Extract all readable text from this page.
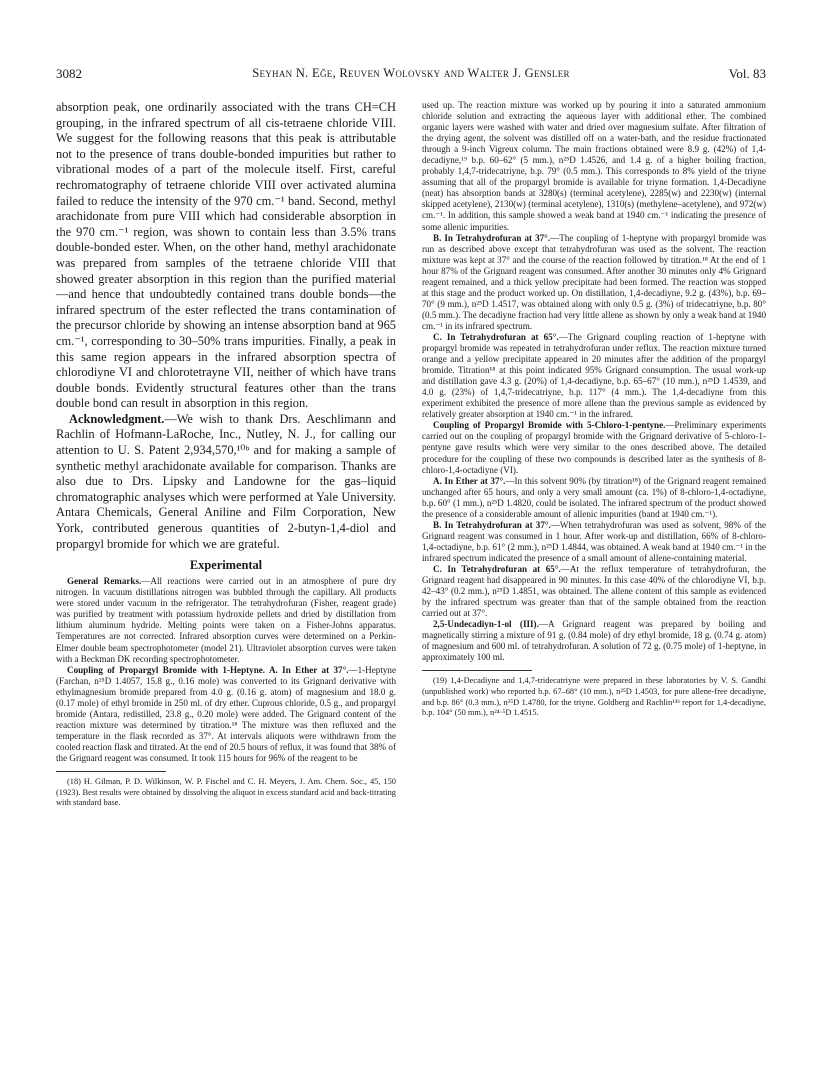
3082	Seyhan N. Eğe, Reuven Wolovsky and Walter J. Gensler	Vol. 83

absorption peak, one ordinarily associated with the trans CH=CH grouping, in the infrared spectrum of all cis-tetraene chloride VIII. We suggest for the following reasons that this peak is attributable not to the presence of trans double-bonded impurities but rather to vibrational modes of a part of the molecule itself. First, careful rechromatography of tetraene chloride VIII over activated alumina failed to reduce the intensity of the 970 cm.⁻¹ band. Second, methyl arachidonate from pure VIII which had considerable absorption in the 970 cm.⁻¹ region, was shown to contain less than 3.5% trans double-bonded ester. When, on the other hand, methyl arachidonate was prepared from samples of the tetraene chloride VIII that showed greater absorption in this region than the purified material—and hence that undoubtedly contained trans double bonds—the infrared spectrum of the ester reflected the trans contamination of the precursor chloride by showing an intense absorption band at 965 cm.⁻¹, corresponding to 30–50% trans impurities. Finally, a peak in this same region appears in the infrared absorption spectra of chlorodiyne VI and chlorotetrayne VII, neither of which have trans double bonds. Evidently structural features other than the trans double bond can result in absorption in this region.

Acknowledgment.—We wish to thank Drs. Aeschlimann and Rachlin of Hofmann-LaRoche, Inc., Nutley, N. J., for calling our attention to U. S. Patent 2,934,570,¹⁰ᵇ and for making a sample of synthetic methyl arachidonate available for comparison. Thanks are also due to Drs. Lipsky and Landowne for the gas–liquid chromatographic analyses which were performed at Yale University. Antara Chemicals, General Aniline and Film Corporation, New York, contributed generous quantities of 2-butyn-1,4-diol and propargyl bromide for which we are grateful.

Experimental

General Remarks.—All reactions were carried out in an atmosphere of pure dry nitrogen. In vacuum distillations nitrogen was bubbled through the capillary. All products were stored under vacuum in the refrigerator. The tetrahydrofuran (Fisher, reagent grade) was purified by treatment with potassium hydroxide pellets and dried by distillation from lithium aluminum hydride. Melting points were taken on a Fisher-Johns apparatus. Temperatures are not corrected. Infrared absorption curves were determined on a Perkin-Elmer double beam spectrophotometer (model 21). Ultraviolet absorption curves were taken with a Beckman DK recording spectrophotometer.

Coupling of Propargyl Bromide with 1-Heptyne. A. In Ether at 37°.—1-Heptyne (Farchan, n²⁵D 1.4057, 15.8 g., 0.16 mole) was converted to its Grignard derivative with ethylmagnesium bromide prepared from 4.0 g. (0.16 g. atom) of magnesium and 18.0 g. (0.17 mole) of ethyl bromide in 250 ml. of dry ether. Cuprous chloride, 0.5 g., and propargyl bromide (Antara, redistilled, 23.8 g., 0.20 mole) were added. The Grignard content of the reaction mixture was determined by titration.¹⁸ The mixture was then refluxed and the temperature in the flask recorded as 37°. At intervals aliquots were withdrawn from the cooled reaction flask and titrated. At the end of 20.5 hours of reflux, it was found that 38% of the Grignard reagent was consumed. It took 115 hours for 96% of the reagent to be

(18) H. Gilman, P. D. Wilkinson, W. P. Fischel and C. H. Meyers, J. Am. Chem. Soc., 45, 150 (1923). Best results were obtained by dissolving the aliquot in excess standard acid and back-titrating with standard base.

used up. The reaction mixture was worked up by pouring it into a saturated ammonium chloride solution and extracting the aqueous layer with additional ether. The combined organic layers were washed with water and dried over magnesium sulfate. After filtration of the drying agent, the solvent was distilled off on a water-bath, and the residue fractionated through a 9-inch Vigreux column. The main fractions obtained were 8.9 g. (42%) of 1,4-decadiyne,¹⁹ b.p. 60–62° (5 mm.), n²⁵D 1.4526, and 1.4 g. of a higher boiling fraction, probably 1,4,7-tridecatriyne, b.p. 79° (0.5 mm.). This corresponds to 8% yield of the triyne assuming that all of the propargyl bromide is available for triyne formation. 1,4-Decadiyne (neat) has absorption bands at 3280(s) (terminal acetylene), 2285(w) and 2230(w) (internal skipped acetylene), 2130(w) (terminal acetylene), 1310(s) (methylene–acetylene), and 972(w) cm.⁻¹. In addition, this sample showed a weak band at 1940 cm.⁻¹ indicating the presence of some allenic impurities.

B. In Tetrahydrofuran at 37°.—The coupling of 1-heptyne with propargyl bromide was run as described above except that tetrahydrofuran was used as the solvent. The reaction mixture was kept at 37° and the course of the reaction followed by titration.¹⁸ At the end of 1 hour 87% of the Grignard reagent was consumed. After another 30 minutes only 4% Grignard reagent remained, and a thick yellow precipitate had been formed. The reaction was stopped at this stage and the product worked up. On distillation, 1,4-decadiyne, 9.2 g. (43%), b.p. 69–70° (9 mm.), n²⁵D 1.4517, was obtained along with only 0.5 g. (3%) of tridecatriyne, b.p. 80° (0.5 mm.). The decadiyne fraction had very little allene as shown by only a weak band at 1940 cm.⁻¹ in its infrared spectrum.

C. In Tetrahydrofuran at 65°.—The Grignard coupling reaction of 1-heptyne with propargyl bromide was repeated in tetrahydrofuran under reflux. The reaction mixture turned orange and a yellow precipitate appeared in 20 minutes after the addition of the propargyl bromide. Titration¹⁸ at this point indicated 95% Grignard consumption. The usual work-up and distillation gave 4.3 g. (20%) of 1,4-decadiyne, b.p. 65–67° (10 mm.), n²⁵D 1.4539, and 4.0 g. (23%) of 1,4,7-tridecatriyne, b.p. 117° (4 mm.). The 1,4-decadiyne from this experiment exhibited the presence of more allene than the previous sample as evidenced by relatively greater absorption at 1940 cm.⁻¹ in the infrared.

Coupling of Propargyl Bromide with 5-Chloro-1-pentyne.—Preliminary experiments carried out on the coupling of propargyl bromide with the Grignard derivative of 5-chloro-1-pentyne gave results which were very similar to the ones described above. The detailed procedure for the coupling of these two compounds is described later as the synthesis of 8-chloro-1,4-octadiyne (VI).

A. In Ether at 37°.—In this solvent 90% (by titration¹⁸) of the Grignard reagent remained unchanged after 65 hours, and only a very small amount (ca. 1%) of 8-chloro-1,4-octadiyne, b.p. 60° (1 mm.), n²⁵D 1.4820, could be isolated. The infrared spectrum of the product showed the presence of a considerable amount of allenic impurities (band at 1940 cm.⁻¹).

B. In Tetrahydrofuran at 37°.—When tetrahydrofuran was used as solvent, 98% of the Grignard reagent was consumed in 1 hour. After work-up and distillation, 66% of 8-chloro-1,4-octadiyne, b.p. 61° (2 mm.), n²⁵D 1.4844, was obtained. A weak band at 1940 cm.⁻¹ in the infrared spectrum indicated the presence of a small amount of allene-containing material.

C. In Tetrahydrofuran at 65°.—At the reflux temperature of tetrahydrofuran, the Grignard reagent had disappeared in 90 minutes. In this case 40% of the chlorodiyne VI, b.p. 42–43° (0.2 mm.), n²⁵D 1.4851, was obtained. The allene content of this sample as evidenced by the infrared spectrum was greater than that of the sample obtained from the reaction carried out at 37°.

2,5-Undecadiyn-1-ol (III).—A Grignard reagent was prepared by boiling and magnetically stirring a mixture of 91 g. (0.84 mole) of dry ethyl bromide, 18 g. (0.74 g. atom) of magnesium and 600 ml. of tetrahydrofuran. A solution of 72 g. (0.75 mole) of 1-heptyne, in approximately 100 ml.

(19) 1,4-Decadiyne and 1,4,7-tridecatriyne were prepared in these laboratories by V. S. Gandhi (unpublished work) who reported b.p. 67–68° (10 mm.), n²⁵D 1.4503, for pure allene-free decadiyne, and b.p. 86° (0.3 mm.), n²⁵D 1.4780, for the triyne. Goldberg and Rachlin¹³ᵇ report for 1,4-decadiyne, b.p. 104° (50 mm.), n²⁴·⁵D 1.4515.
